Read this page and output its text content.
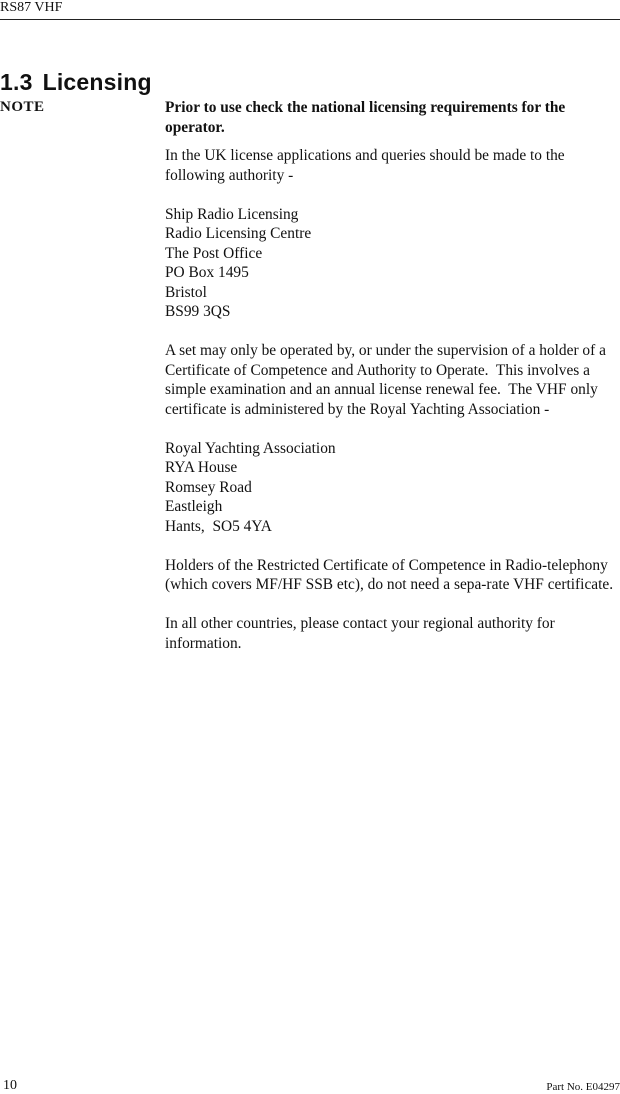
RS87 VHF
1.3 Licensing
NOTE	Prior to use check the national licensing requirements for the operator.

In the UK license applications and queries should be made to the following authority -

Ship Radio Licensing
Radio Licensing Centre
The Post Office
PO Box 1495
Bristol
BS99 3QS

A set may only be operated by, or under the supervision of a holder of a Certificate of Competence and Authority to Operate.  This involves a simple examination and an annual license renewal fee.  The VHF only certificate is administered by the Royal Yachting Association -

Royal Yachting Association
RYA House
Romsey Road
Eastleigh
Hants,  SO5 4YA

Holders of the Restricted Certificate of Competence in Radio-telephony (which covers MF/HF SSB etc), do not need a sepa-rate VHF certificate.

In all other countries, please contact your regional authority for information.

10	Part No. E04297
